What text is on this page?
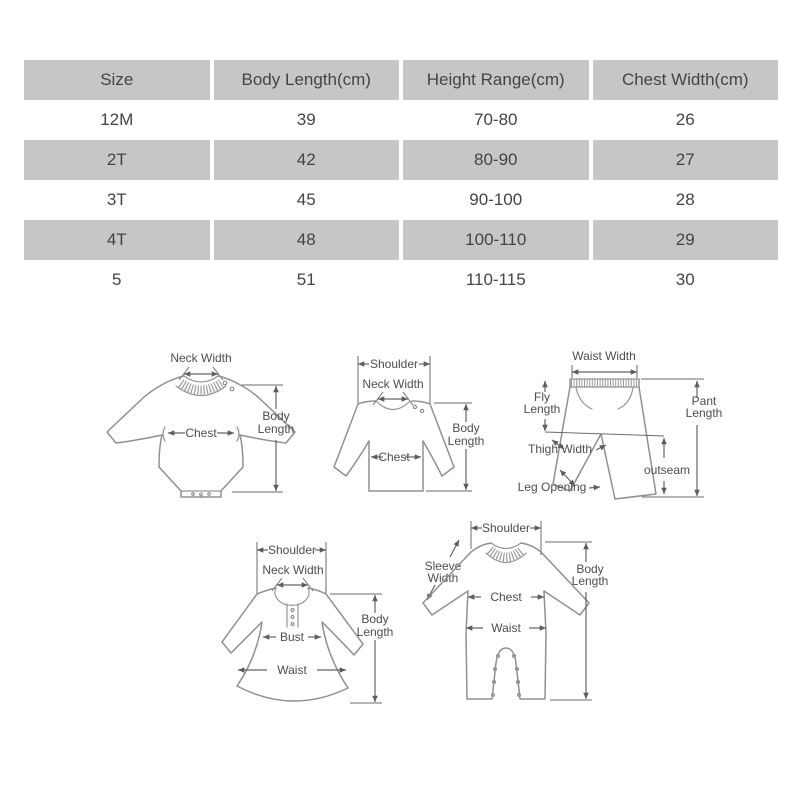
Size	Body Length(cm)	Height Range(cm)	Chest Width(cm)
12M	39	70-80	26
2T	42	80-90	27
3T	45	90-100	28
4T	48	100-110	29
5	51	110-115	30
Neck Width
Chest
Body
Length
Shoulder
Neck Width
Chest
Body
Length
Waist Width
Fly
Length
Pant
Length
Thigh Width
outseam
Leg Opening
Shoulder
Neck Width
Bust
Waist
Body
Length
Shoulder
Sleeve
Width
Chest
Waist
Body
Length
